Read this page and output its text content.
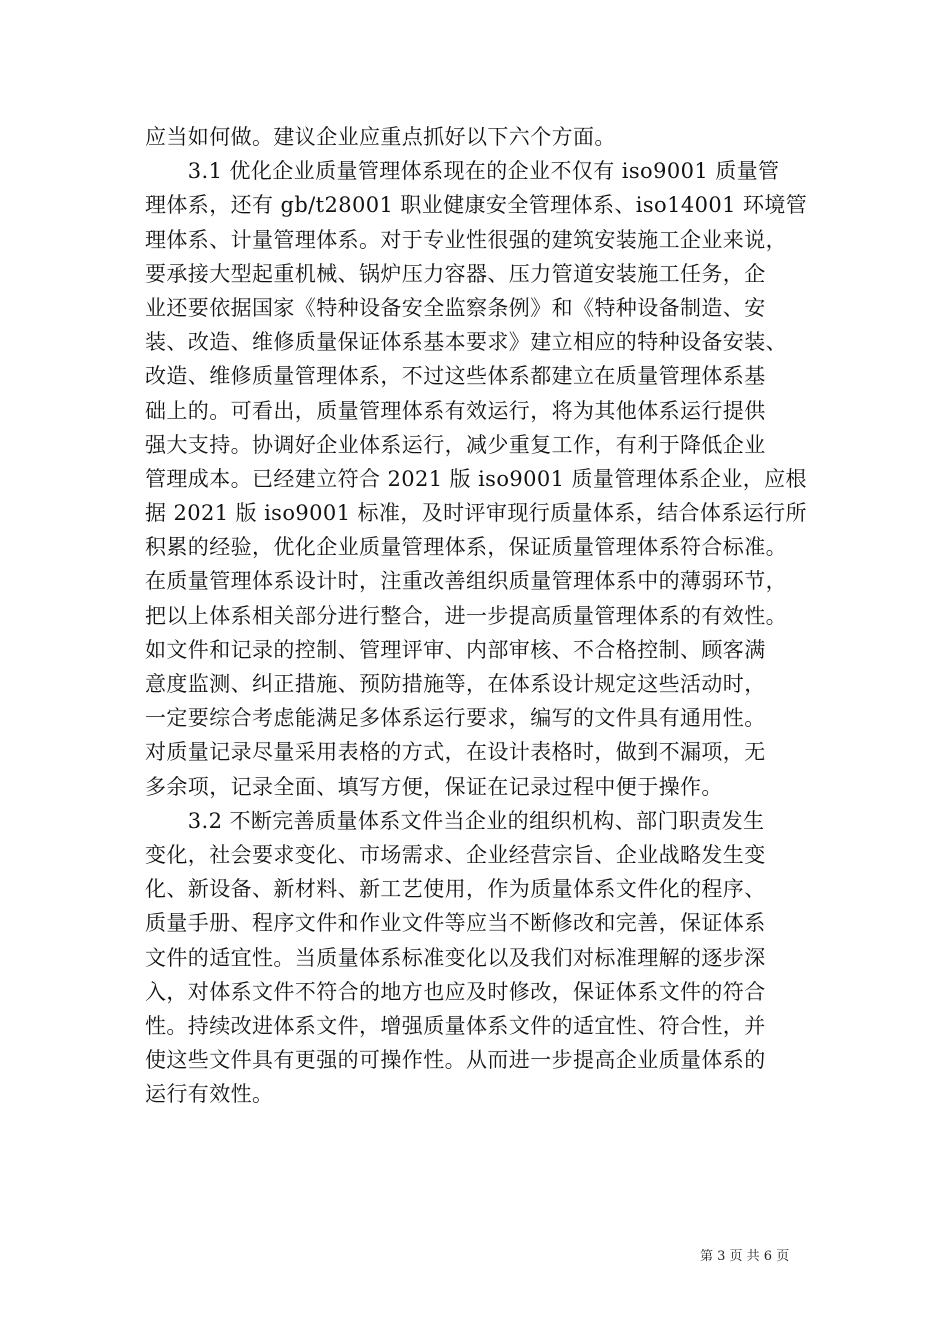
应当如何做。建议企业应重点抓好以下六个方面。
　　3.1 优化企业质量管理体系现在的企业不仅有 iso9001 质量管
理体系，还有 gb/t28001 职业健康安全管理体系、iso14001 环境管
理体系、计量管理体系。对于专业性很强的建筑安装施工企业来说，
要承接大型起重机械、锅炉压力容器、压力管道安装施工任务，企
业还要依据国家《特种设备安全监察条例》和《特种设备制造、安
装、改造、维修质量保证体系基本要求》建立相应的特种设备安装、
改造、维修质量管理体系，不过这些体系都建立在质量管理体系基
础上的。可看出，质量管理体系有效运行，将为其他体系运行提供
强大支持。协调好企业体系运行，减少重复工作，有利于降低企业
管理成本。已经建立符合 2021 版 iso9001 质量管理体系企业，应根
据 2021 版 iso9001 标准，及时评审现行质量体系，结合体系运行所
积累的经验，优化企业质量管理体系，保证质量管理体系符合标准。
在质量管理体系设计时，注重改善组织质量管理体系中的薄弱环节，
把以上体系相关部分进行整合，进一步提高质量管理体系的有效性。
如文件和记录的控制、管理评审、内部审核、不合格控制、顾客满
意度监测、纠正措施、预防措施等，在体系设计规定这些活动时，
一定要综合考虑能满足多体系运行要求，编写的文件具有通用性。
对质量记录尽量采用表格的方式，在设计表格时，做到不漏项，无
多余项，记录全面、填写方便，保证在记录过程中便于操作。
　　3.2 不断完善质量体系文件当企业的组织机构、部门职责发生
变化，社会要求变化、市场需求、企业经营宗旨、企业战略发生变
化、新设备、新材料、新工艺使用，作为质量体系文件化的程序、
质量手册、程序文件和作业文件等应当不断修改和完善，保证体系
文件的适宜性。当质量体系标准变化以及我们对标准理解的逐步深
入，对体系文件不符合的地方也应及时修改，保证体系文件的符合
性。持续改进体系文件，增强质量体系文件的适宜性、符合性，并
使这些文件具有更强的可操作性。从而进一步提高企业质量体系的
运行有效性。
第 3 页 共 6 页
